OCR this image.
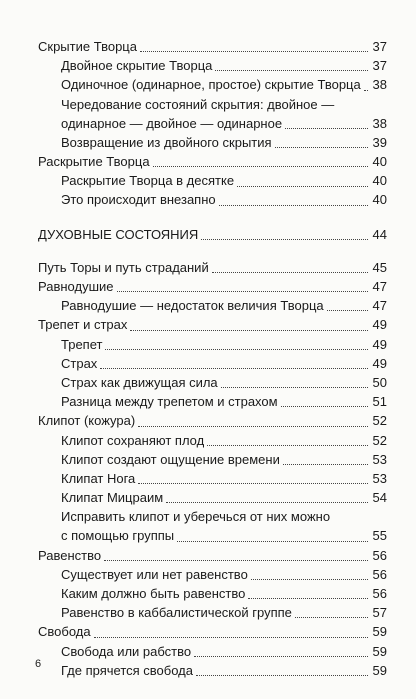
Скрытие Творца	37
Двойное скрытие Творца	37
Одиночное (одинарное, простое) скрытие Творца 38
Чередование состояний скрытия: двойное —
одинарное — двойное — одинарное	38
Возвращение из двойного скрытия	39
Раскрытие Творца	40
Раскрытие Творца в десятке	40
Это происходит внезапно	40
ДУХОВНЫЕ СОСТОЯНИЯ	44
Путь Торы и путь страданий	45
Равнодушие	47
Равнодушие — недостаток величия Творца	47
Трепет и страх	49
Трепет	49
Страх	49
Страх как движущая сила	50
Разница между трепетом и страхом	51
Клипот (кожура)	52
Клипот сохраняют плод	52
Клипот создают ощущение времени	53
Клипат Нога	53
Клипат Мицраим	54
Исправить клипот и уберечься от них можно
с помощью группы	55
Равенство	56
Существует или нет равенство	56
Каким должно быть равенство	56
Равенство в каббалистической группе	57
Свобода	59
Свобода или рабство	59
Где прячется свобода	59
6
